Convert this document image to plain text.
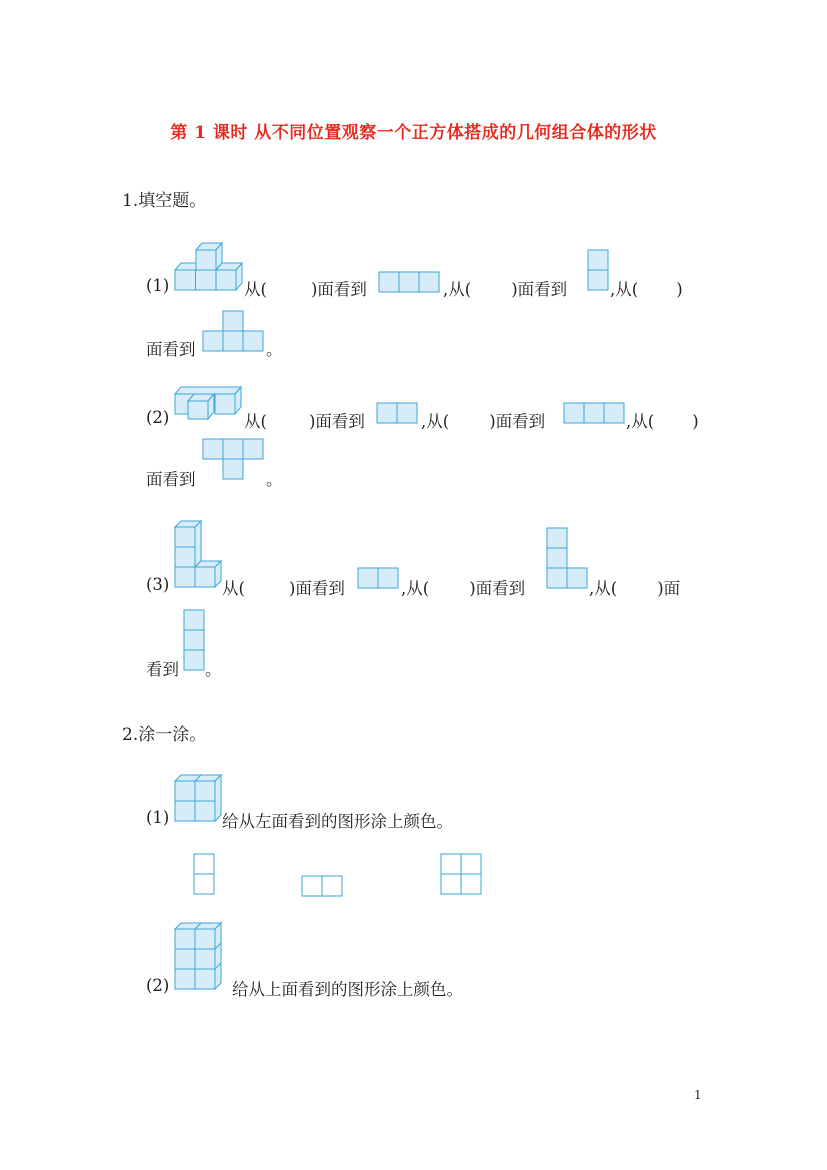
第 1 课时 从不同位置观察一个正方体搭成的几何组合体的形状
1.填空题。
(1)	从(	)面看到	,从( )面看到	,从( )
面看到	。
(2)	从(	)面看到	,从( )面看到	,从( )
面看到	。
(3)	从(	)面看到	,从( )面看到	,从( )面
看到 。
2.涂一涂。
(1)	给从左面看到的图形涂上颜色。
(2)	给从上面看到的图形涂上颜色。
1
